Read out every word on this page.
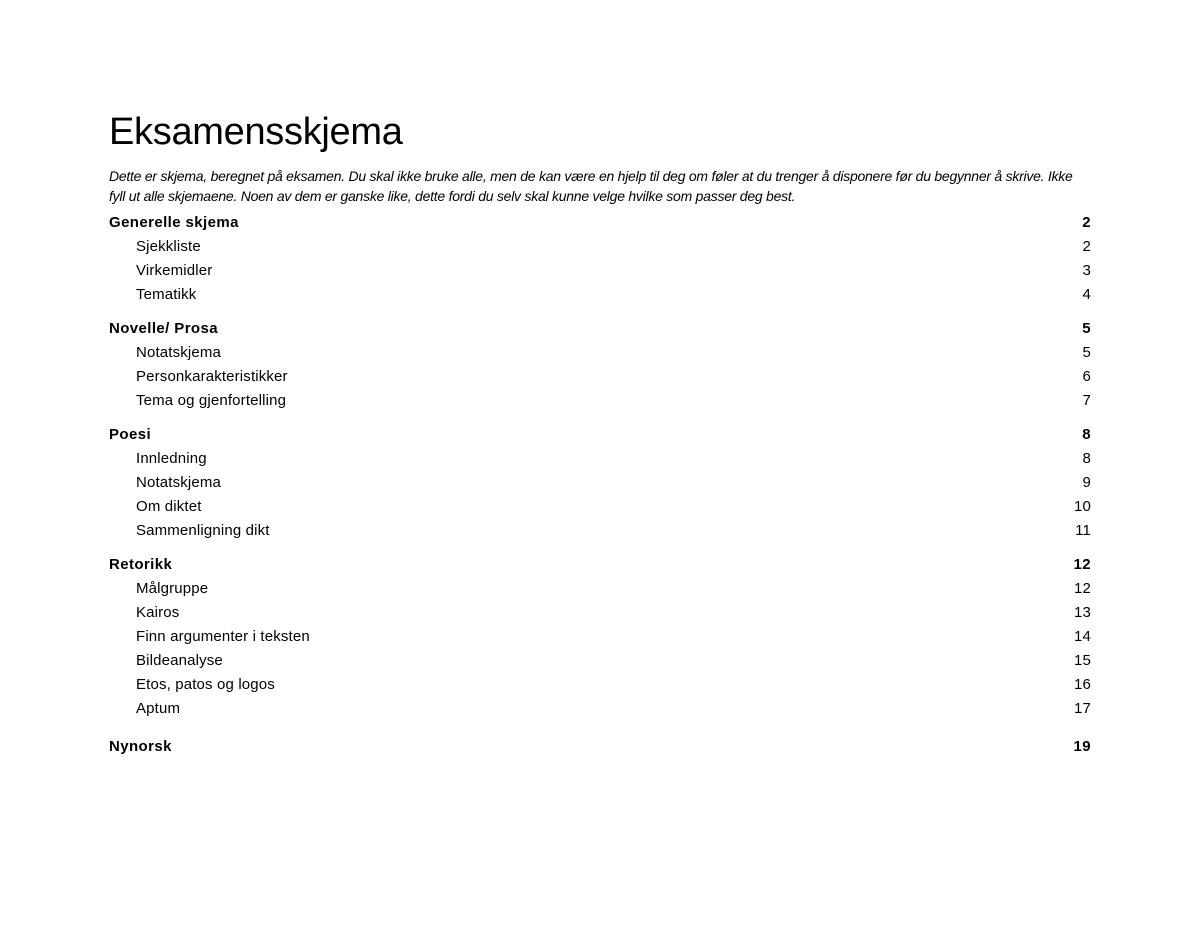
Eksamensskjema

Dette er skjema, beregnet på eksamen. Du skal ikke bruke alle, men de kan være en hjelp til deg om føler at du trenger å disponere før du begynner å skrive. Ikke fyll ut alle skjemaene. Noen av dem er ganske like, dette fordi du selv skal kunne velge hvilke som passer deg best.

Generelle skjema	2
Sjekkliste	2
Virkemidler	3
Tematikk	4
Novelle/ Prosa	5
Notatskjema	5
Personkarakteristikker	6
Tema og gjenfortelling	7
Poesi	8
Innledning	8
Notatskjema	9
Om diktet	10
Sammenligning dikt	11
Retorikk	12
Målgruppe	12
Kairos	13
Finn argumenter i teksten	14
Bildeanalyse	15
Etos, patos og logos	16
Aptum	17
Nynorsk	19
